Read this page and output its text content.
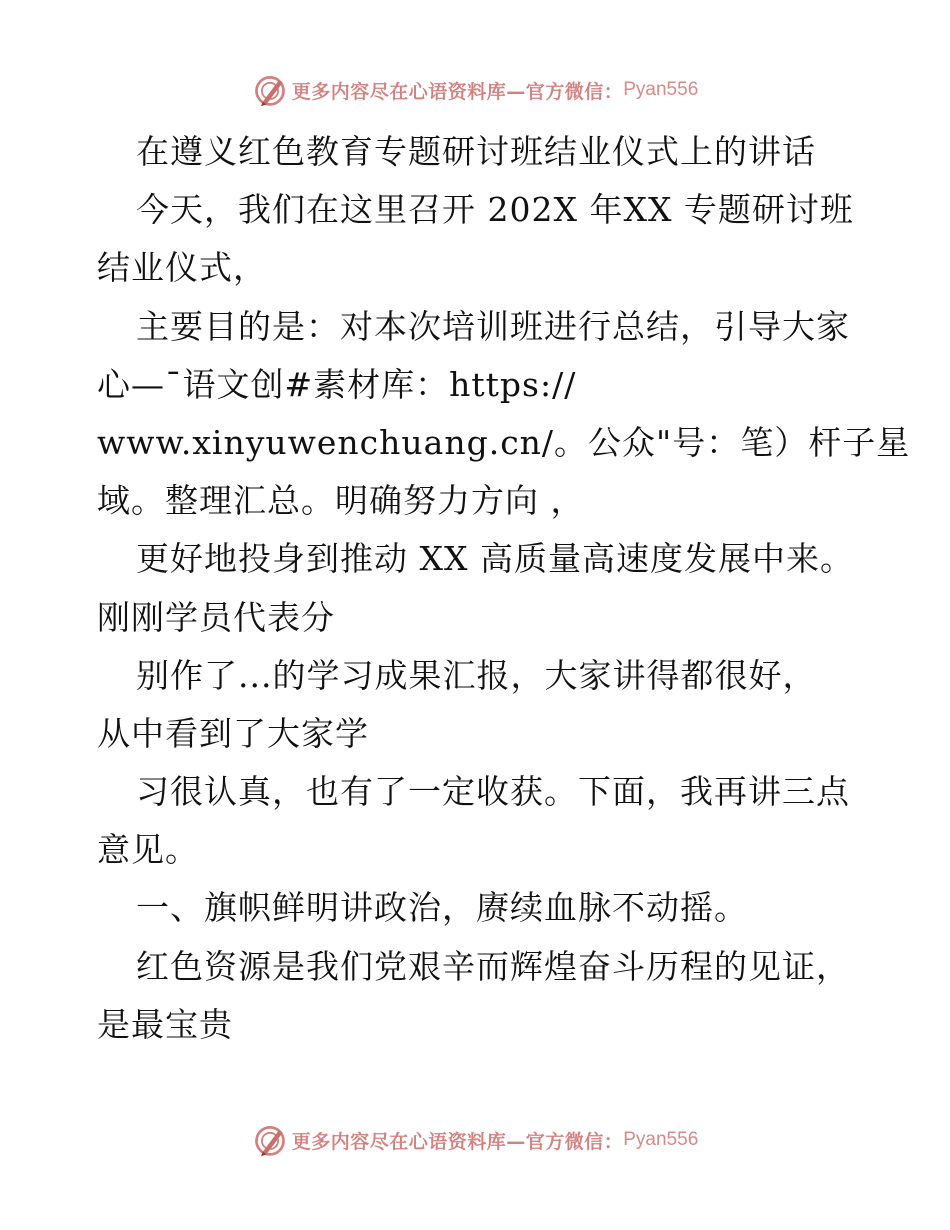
更多内容尽在心语资料库—官方微信： Pyan556
在遵义红色教育专题研讨班结业仪式上的讲话
今天，我们在这里召开 202X 年XX 专题研讨班
结业仪式，
主要目的是：对本次培训班进行总结，引导大家
心—¯语文创#素材库：https://
www.xinyuwenchuang.cn/。公众"号：笔）杆子星
域。整理汇总。明确努力方向 ，
更好地投身到推动 XX 高质量高速度发展中来。
刚刚学员代表分
别作了...的学习成果汇报，大家讲得都很好，
从中看到了大家学
习很认真，也有了一定收获。下面，我再讲三点
意见。
一、旗帜鲜明讲政治，赓续血脉不动摇。
红色资源是我们党艰辛而辉煌奋斗历程的见证，
是最宝贵
更多内容尽在心语资料库—官方微信： Pyan556
